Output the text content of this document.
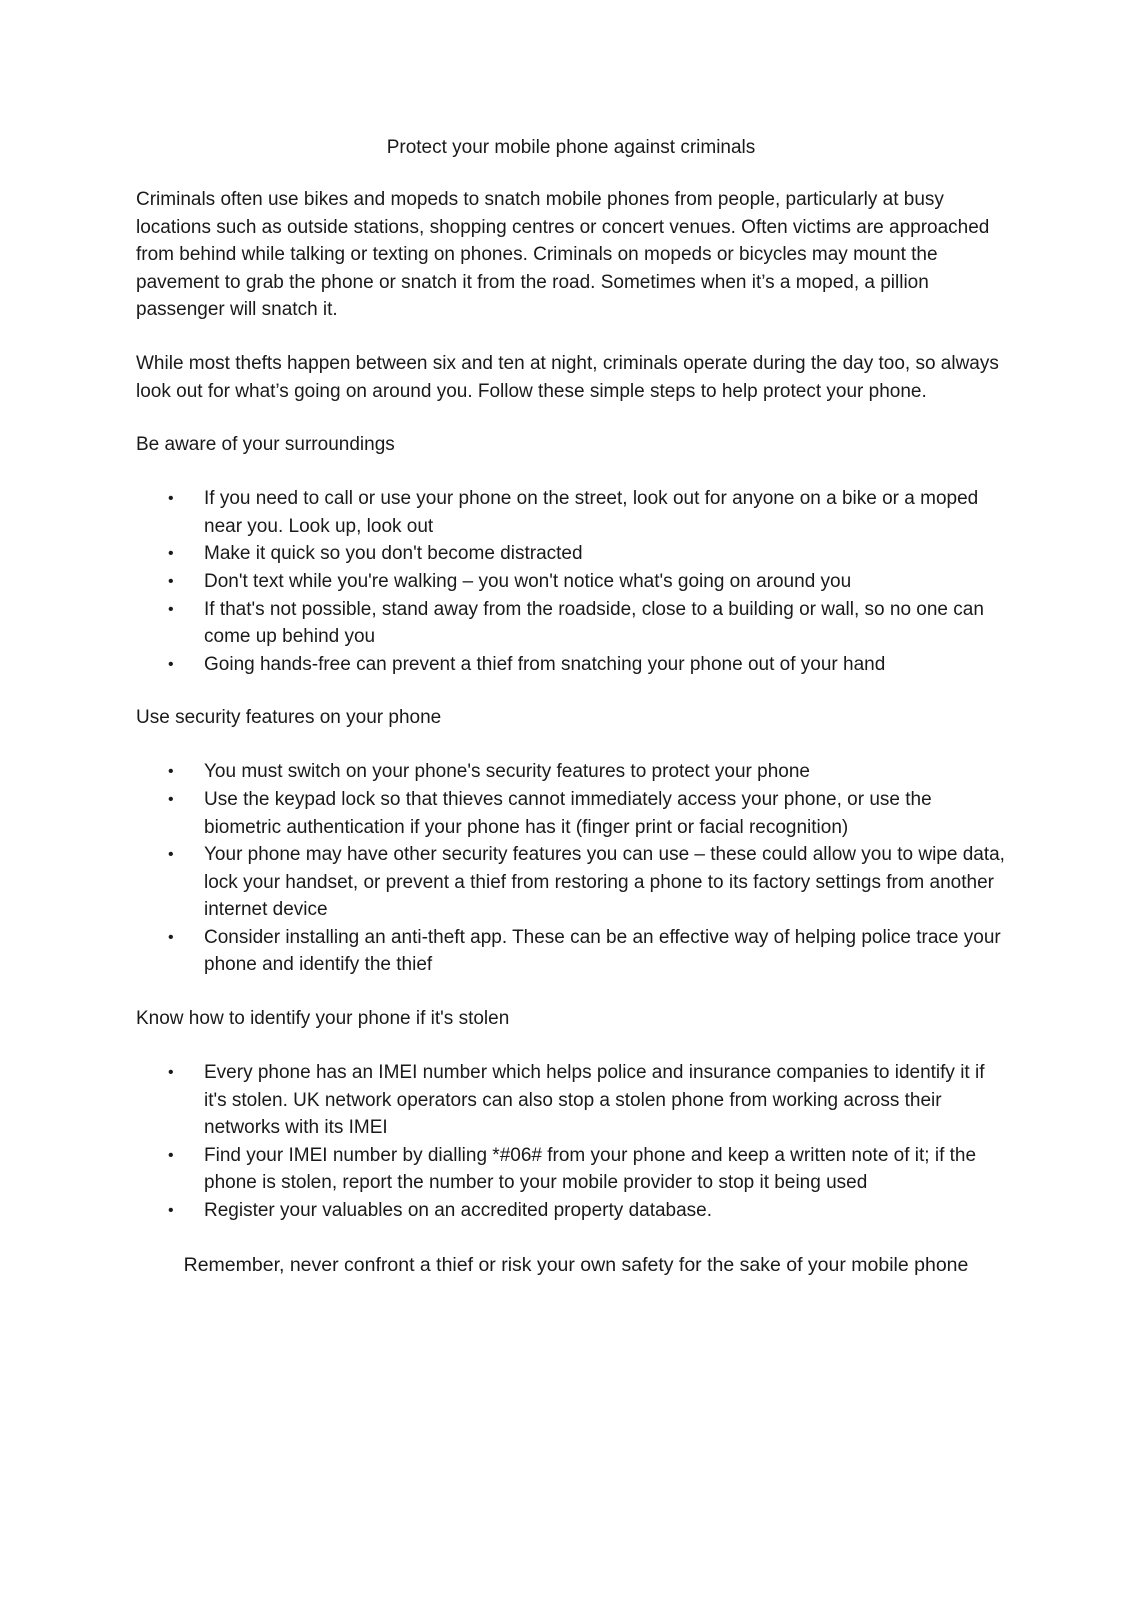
Protect your mobile phone against criminals

Criminals often use bikes and mopeds to snatch mobile phones from people, particularly at busy locations such as outside stations, shopping centres or concert venues. Often victims are approached from behind while talking or texting on phones. Criminals on mopeds or bicycles may mount the pavement to grab the phone or snatch it from the road. Sometimes when it’s a moped, a pillion passenger will snatch it.

While most thefts happen between six and ten at night, criminals operate during the day too, so always look out for what’s going on around you. Follow these simple steps to help protect your phone.

Be aware of your surroundings
• If you need to call or use your phone on the street, look out for anyone on a bike or a moped near you. Look up, look out
• Make it quick so you don't become distracted
• Don't text while you're walking – you won't notice what's going on around you
• If that's not possible, stand away from the roadside, close to a building or wall, so no one can come up behind you
• Going hands-free can prevent a thief from snatching your phone out of your hand
Use security features on your phone
• You must switch on your phone's security features to protect your phone
• Use the keypad lock so that thieves cannot immediately access your phone, or use the biometric authentication if your phone has it (finger print or facial recognition)
• Your phone may have other security features you can use – these could allow you to wipe data, lock your handset, or prevent a thief from restoring a phone to its factory settings from another internet device
• Consider installing an anti-theft app. These can be an effective way of helping police trace your phone and identify the thief
Know how to identify your phone if it's stolen
• Every phone has an IMEI number which helps police and insurance companies to identify it if it's stolen. UK network operators can also stop a stolen phone from working across their networks with its IMEI
• Find your IMEI number by dialling *#06# from your phone and keep a written note of it; if the phone is stolen, report the number to your mobile provider to stop it being used
• Register your valuables on an accredited property database.

Remember, never confront a thief or risk your own safety for the sake of your mobile phone
